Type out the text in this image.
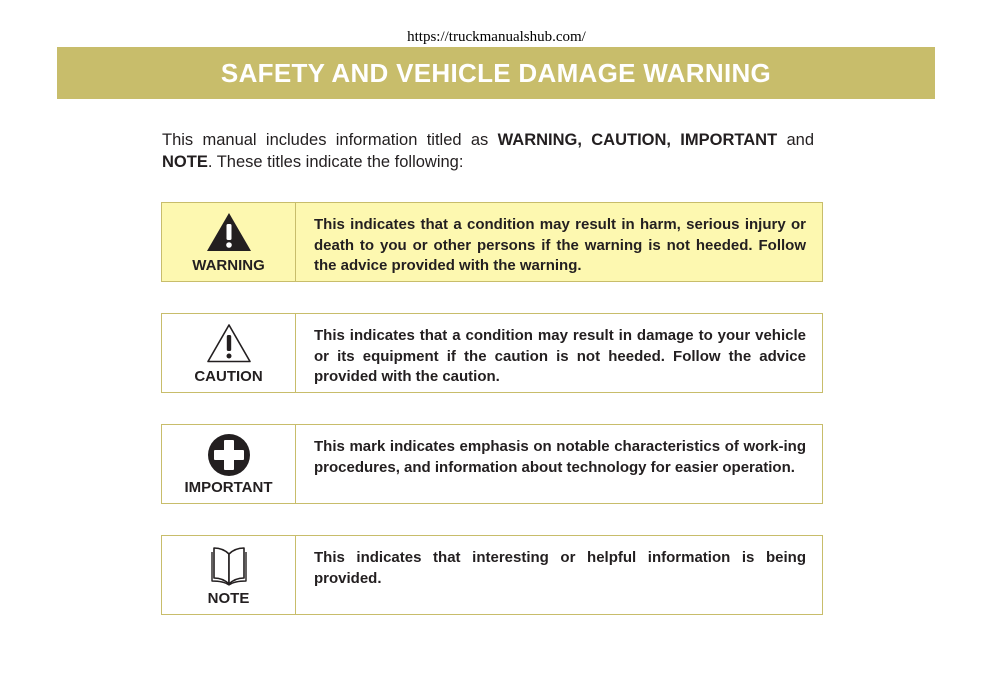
https://truckmanualshub.com/
SAFETY AND VEHICLE DAMAGE WARNING

This manual includes information titled as WARNING, CAUTION, IMPORTANT and NOTE. These titles indicate the following:

WARNING
This indicates that a condition may result in harm, serious injury or death to you or other persons if the warning is not heeded. Follow the advice provided with the warning.
CAUTION
This indicates that a condition may result in damage to your vehicle or its equipment if the caution is not heeded. Follow the advice provided with the caution.
IMPORTANT
This mark indicates emphasis on notable characteristics of work-ing procedures, and information about technology for easier operation.
NOTE
This indicates that interesting or helpful information is being provided.
